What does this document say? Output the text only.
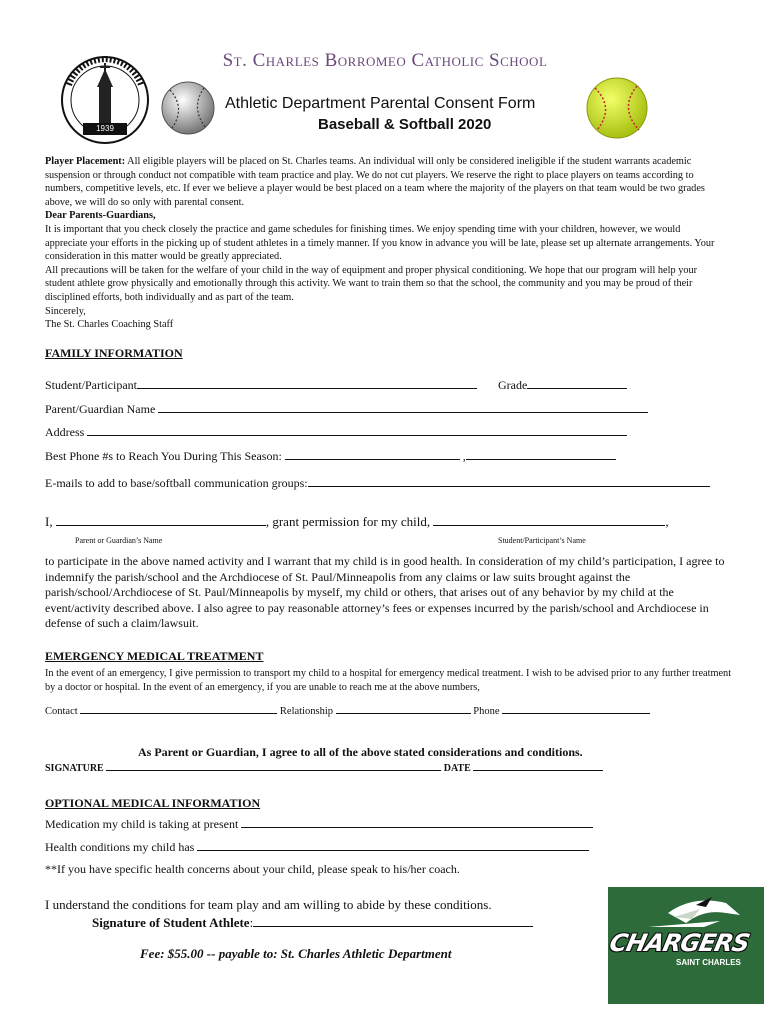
1939
St. Charles Borromeo Catholic School
Athletic Department Parental Consent Form
Baseball & Softball 2020
Player Placement: All eligible players will be placed on St. Charles teams. An individual will only be considered ineligible if the student warrants academic suspension or through conduct not compatible with team practice and play. We do not cut players. We reserve the right to place players on teams according to numbers, competitive levels, etc. If ever we believe a player would be best placed on a team where the majority of the players on that team would be two grades above, we will do so only with parental consent.
Dear Parents-Guardians,
It is important that you check closely the practice and game schedules for finishing times. We enjoy spending time with your children, however, we would appreciate your efforts in the picking up of student athletes in a timely manner. If you know in advance you will be late, please set up alternate arrangements. Your consideration in this matter would be greatly appreciated.
All precautions will be taken for the welfare of your child in the way of equipment and proper physical conditioning. We hope that our program will help your student athlete grow physically and emotionally through this activity. We want to train them so that the school, the community and you may be proud of their disciplined efforts, both individually and as part of the team.
Sincerely,
The St. Charles Coaching Staff
FAMILY INFORMATION
Student/Participant	Grade
Parent/Guardian Name
Address
Best Phone #s to Reach You During This Season:	,
E-mails to add to base/softball communication groups:
I,	, grant permission for my child,	,
Parent or Guardian’s Name	Student/Participant’s Name
to participate in the above named activity and I warrant that my child is in good health. In consideration of my child’s participation, I agree to indemnify the parish/school and the Archdiocese of St. Paul/Minneapolis from any claims or law suits brought against the parish/school/Archdiocese of St. Paul/Minneapolis by myself, my child or others, that arises out of any behavior by my child at the event/activity described above. I also agree to pay reasonable attorney’s fees or expenses incurred by the parish/school and Archdiocese in defense of such a claim/lawsuit.
EMERGENCY MEDICAL TREATMENT
In the event of an emergency, I give permission to transport my child to a hospital for emergency medical treatment. I wish to be advised prior to any further treatment by a doctor or hospital. In the event of an emergency, if you are unable to reach me at the above numbers,
Contact	Relationship	Phone
As Parent or Guardian, I agree to all of the above stated considerations and conditions.
SIGNATURE	DATE
OPTIONAL MEDICAL INFORMATION
Medication my child is taking at present
Health conditions my child has
**If you have specific health concerns about your child, please speak to his/her coach.
I understand the conditions for team play and am willing to abide by these conditions.
Signature of Student Athlete:
Fee: $55.00 -- payable to: St. Charles Athletic Department	CHARGERS
SAINT CHARLES
